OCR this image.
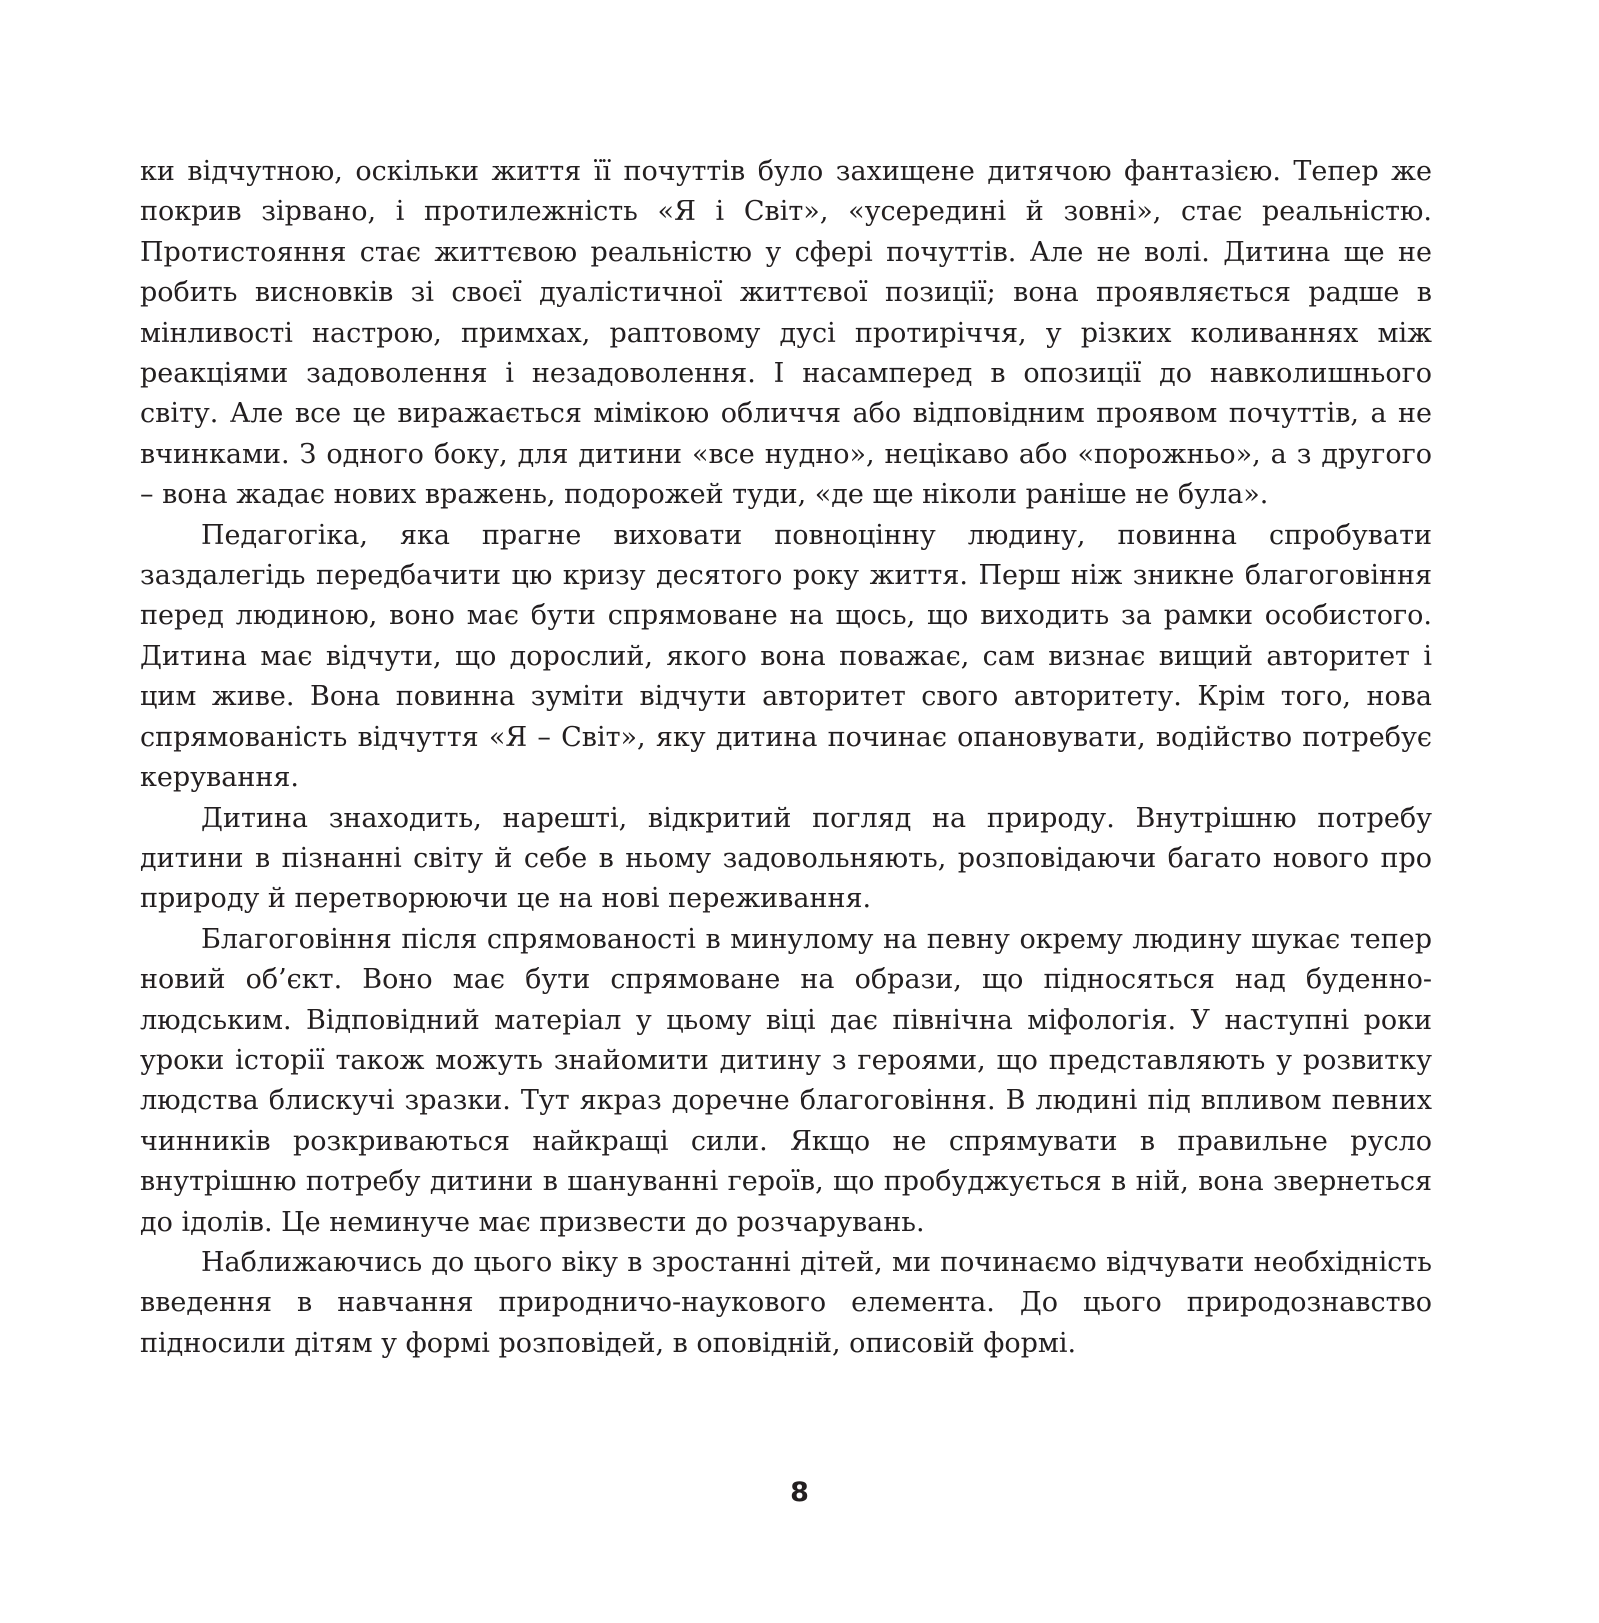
ки відчутною, оскільки життя її почуттів було захищене дитячою фантазією. Тепер же покрив зірвано, і протилежність «Я і Світ», «усередині й зовні», стає реальністю. Протистояння стає життєвою реальністю у сфері почуттів. Але не волі. Дитина ще не робить висновків зі своєї дуалістичної життєвої позиції; вона проявляється радше в мінливості настрою, примхах, раптовому дусі протиріччя, у різких коливаннях між реакціями задоволення і незадоволення. І насамперед в опозиції до навколишнього світу. Але все це виражається мімікою обличчя або відповідним проявом почуттів, а не вчинками. З одного боку, для дитини «все нудно», нецікаво або «порожньо», а з другого – вона жадає нових вражень, подорожей туди, «де ще ніколи раніше не була».

Педагогіка, яка прагне виховати повноцінну людину, повинна спробувати заздалегідь передбачити цю кризу десятого року життя. Перш ніж зникне благоговіння перед людиною, воно має бути спрямоване на щось, що виходить за рамки особистого. Дитина має відчути, що дорослий, якого вона поважає, сам визнає вищий авторитет і цим живе. Вона повинна зуміти відчути авторитет свого авторитету. Крім того, нова спрямованість відчуття «Я – Світ», яку дитина починає опановувати, водійство потребує керування.

Дитина знаходить, нарешті, відкритий погляд на природу. Внутрішню потребу дитини в пізнанні світу й себе в ньому задовольняють, розповідаючи багато нового про природу й перетворюючи це на нові переживання.

Благоговіння після спрямованості в минулому на певну окрему людину шукає тепер новий об’єкт. Воно має бути спрямоване на образи, що підносяться над буденно-людським. Відповідний матеріал у цьому віці дає північна міфологія. У наступні роки уроки історії також можуть знайомити дитину з героями, що представляють у розвитку людства блискучі зразки. Тут якраз доречне благоговіння. В людині під впливом певних чинників розкриваються найкращі сили. Якщо не спрямувати в правильне русло внутрішню потребу дитини в шануванні героїв, що пробуджується в ній, вона звернеться до ідолів. Це неминуче має призвести до розчарувань.

Наближаючись до цього віку в зростанні дітей, ми починаємо відчувати необхідність введення в навчання природничо-наукового елемента. До цього природознавство підносили дітям у формі розповідей, в оповідній, описовій формі.

8
